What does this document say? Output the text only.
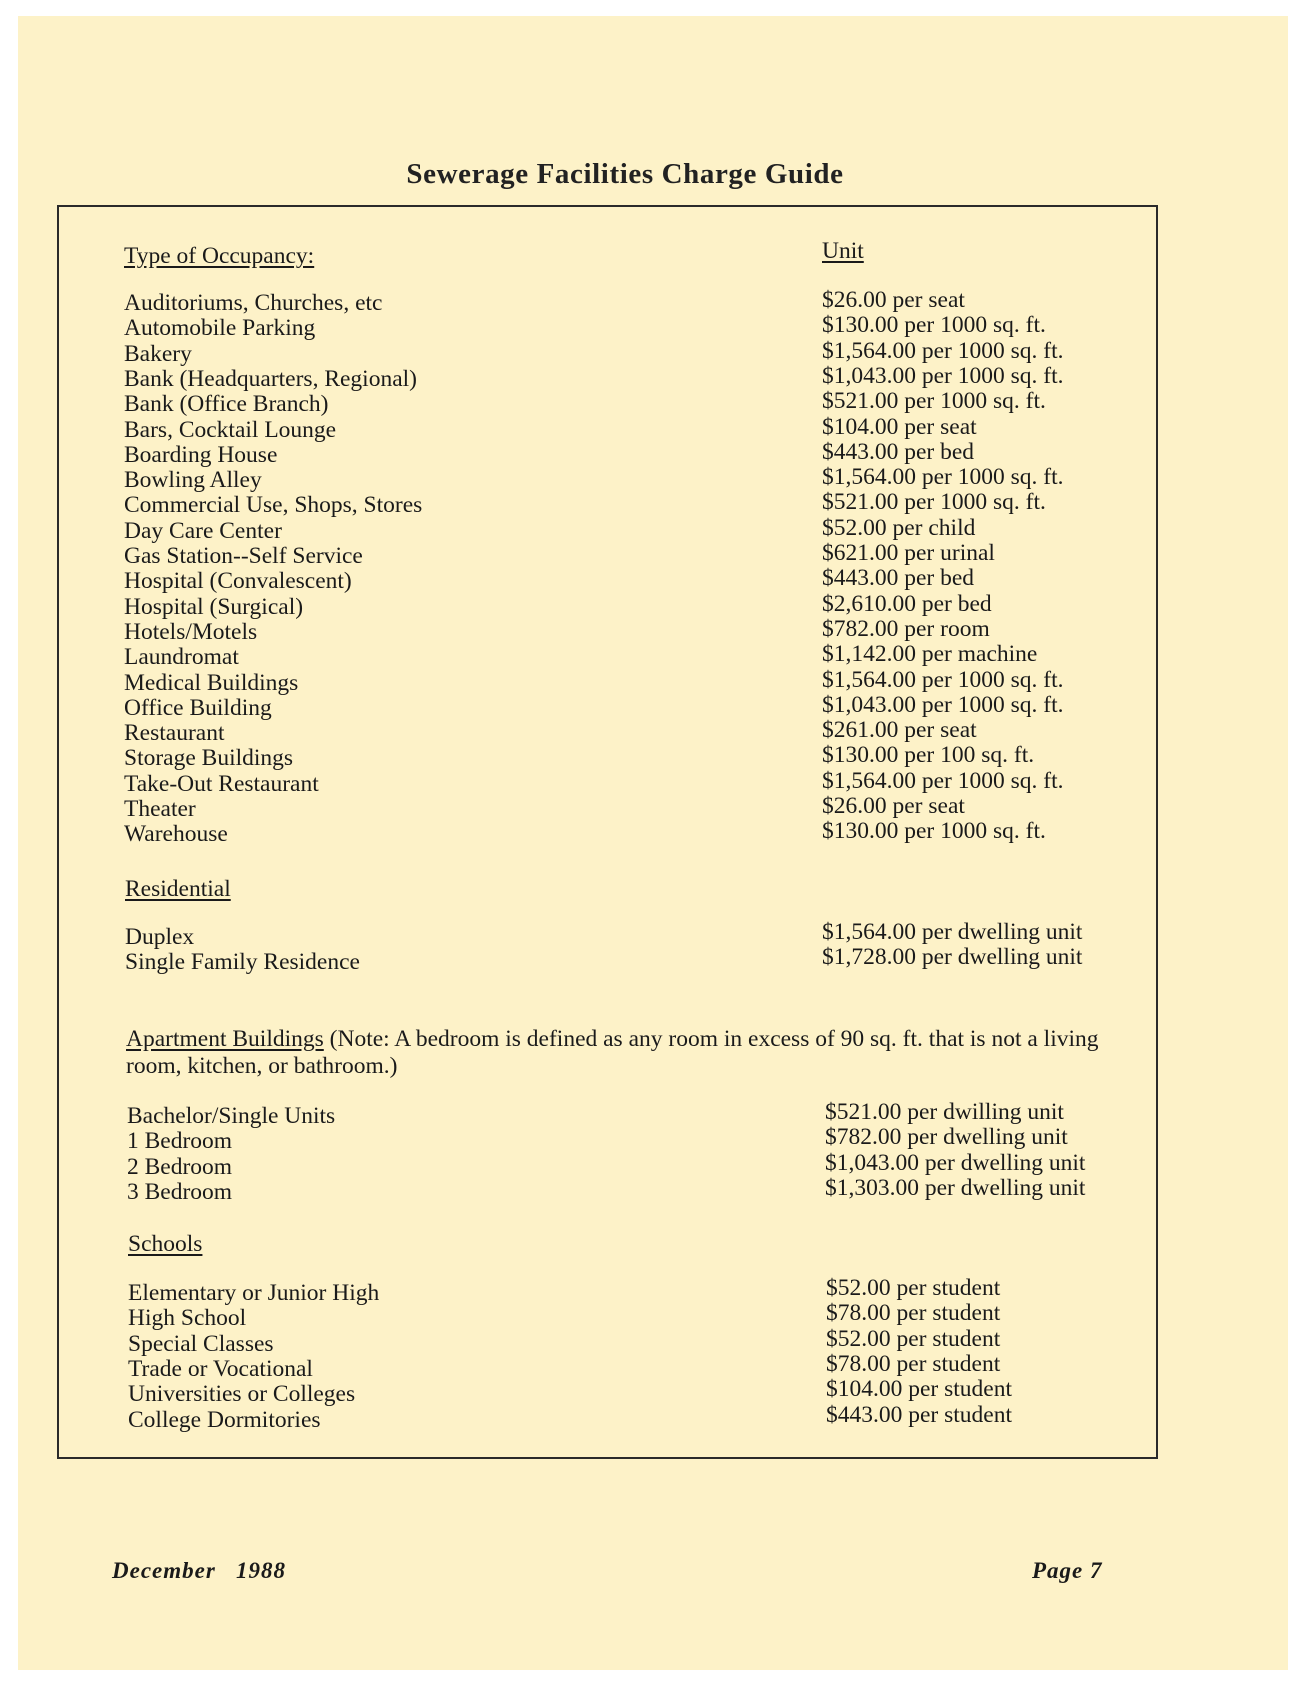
Sewerage Facilities Charge Guide
Type of Occupancy:	Unit
Auditoriums, Churches, etc	$26.00 per seat
Automobile Parking	$130.00 per 1000 sq. ft.
Bakery	$1,564.00 per 1000 sq. ft.
Bank (Headquarters, Regional)	$1,043.00 per 1000 sq. ft.
Bank (Office Branch)	$521.00 per 1000 sq. ft.
Bars, Cocktail Lounge	$104.00 per seat
Boarding House	$443.00 per bed
Bowling Alley	$1,564.00 per 1000 sq. ft.
Commercial Use, Shops, Stores	$521.00 per 1000 sq. ft.
Day Care Center	$52.00 per child
Gas Station--Self Service	$621.00 per urinal
Hospital (Convalescent)	$443.00 per bed
Hospital (Surgical)	$2,610.00 per bed
Hotels/Motels	$782.00 per room
Laundromat	$1,142.00 per machine
Medical Buildings	$1,564.00 per 1000 sq. ft.
Office Building	$1,043.00 per 1000 sq. ft.
Restaurant	$261.00 per seat
Storage Buildings	$130.00 per 100 sq. ft.
Take-Out Restaurant	$1,564.00 per 1000 sq. ft.
Theater	$26.00 per seat
Warehouse	$130.00 per 1000 sq. ft.
Residential
Duplex	$1,564.00 per dwelling unit
Single Family Residence	$1,728.00 per dwelling unit
Apartment Buildings (Note: A bedroom is defined as any room in excess of 90 sq. ft. that is not a living room, kitchen, or bathroom.)
Bachelor/Single Units	$521.00 per dwilling unit
1 Bedroom	$782.00 per dwelling unit
2 Bedroom	$1,043.00 per dwelling unit
3 Bedroom	$1,303.00 per dwelling unit
Schools
Elementary or Junior High	$52.00 per student
High School	$78.00 per student
Special Classes	$52.00 per student
Trade or Vocational	$78.00 per student
Universities or Colleges	$104.00 per student
College Dormitories	$443.00 per student
December   1988	Page 7
